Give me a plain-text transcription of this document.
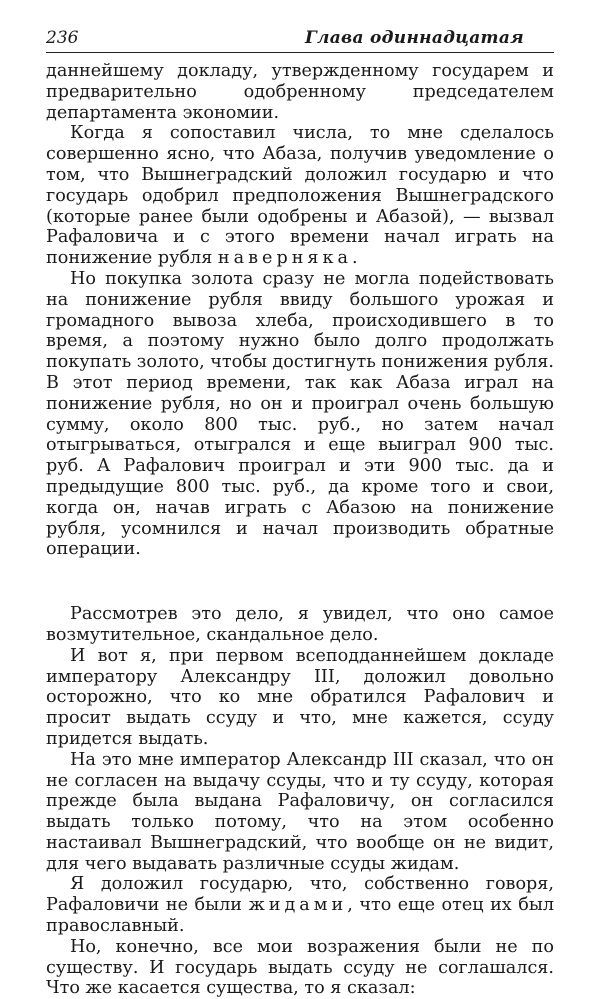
236	Глава одиннадцатая

даннейшему докладу, утвержденному государем и предварительно одобренному председателем департамента экономии.

Когда я сопоставил числа, то мне сделалось совершенно ясно, что Абаза, получив уведомление о том, что Вышнеградский доложил государю и что государь одобрил предположения Вышнеградского (которые ранее были одобрены и Абазой), — вызвал Рафаловича и с этого времени начал играть на понижение рубля наверняка.

Но покупка золота сразу не могла подействовать на понижение рубля ввиду большого урожая и громадного вывоза хлеба, происходившего в то время, а поэтому нужно было долго продолжать покупать золото, чтобы достигнуть понижения рубля. В этот период времени, так как Абаза играл на понижение рубля, но он и проиграл очень большую сумму, около 800 тыс. руб., но затем начал отыгрываться, отыгрался и еще выиграл 900 тыс. руб. А Рафалович проиграл и эти 900 тыс. да и предыдущие 800 тыс. руб., да кроме того и свои, когда он, начав играть с Абазою на понижение рубля, усомнился и начал производить обратные операции.

Рассмотрев это дело, я увидел, что оно самое возмутительное, скандальное дело.

И вот я, при первом всеподданнейшем докладе императору Александру III, доложил довольно осторожно, что ко мне обратился Рафалович и просит выдать ссуду и что, мне кажется, ссуду придется выдать.

На это мне император Александр III сказал, что он не согласен на выдачу ссуды, что и ту ссуду, которая прежде была выдана Рафаловичу, он согласился выдать только потому, что на этом особенно настаивал Вышнеградский, что вообще он не видит, для чего выдавать различные ссуды жидам.

Я доложил государю, что, собственно говоря, Рафаловичи не были жидами, что еще отец их был православный.

Но, конечно, все мои возражения были не по существу. И государь выдать ссуду не соглашался. Что же касается существа, то я сказал:
